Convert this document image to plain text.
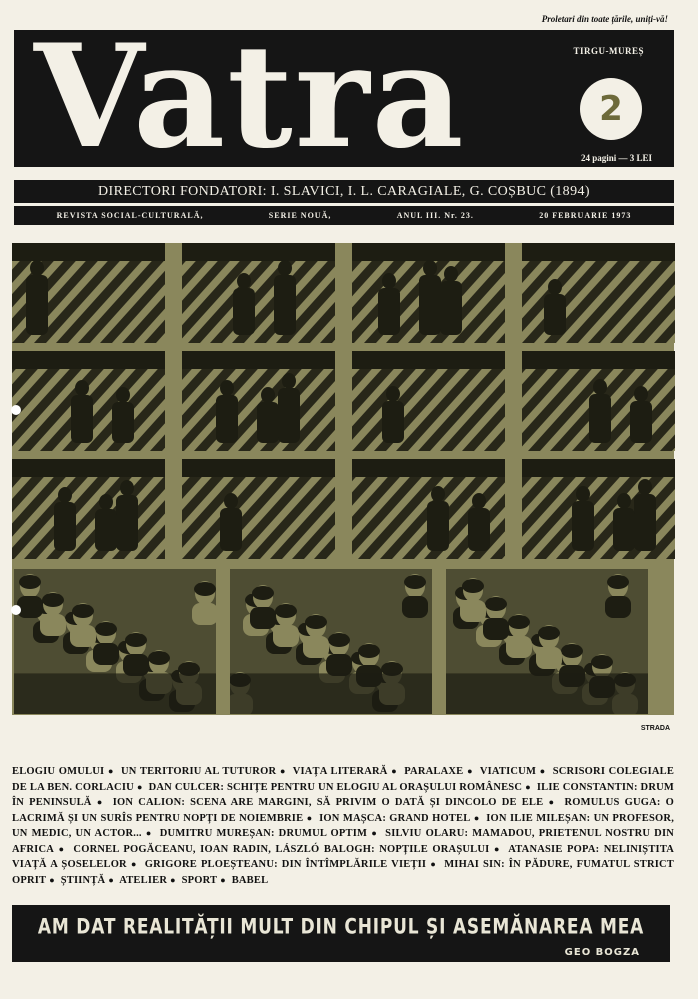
Proletari din toate țările, uniți-vă!
Vatra	TIRGU-MUREȘ
2
24 pagini — 3 LEI
DIRECTORI FONDATORI: I. SLAVICI, I. L. CARAGIALE, G. COȘBUC (1894)
REVISTA SOCIAL-CULTURALĂ,	SERIE NOUĂ,	ANUL III. Nr. 23.	20 FEBRUARIE 1973
STRADA
ELOGIU OMULUI ● UN TERITORIU AL TUTUROR ● VIAȚA LITERARĂ ● PARALAXE ● VIATICUM ● SCRISORI COLEGIALE DE LA BEN. CORLACIU ● DAN CULCER: SCHIȚE PENTRU UN ELOGIU AL ORAȘULUI ROMÂNESC ● ILIE CONSTANTIN: DRUM ÎN PENINSULĂ ● ION CALION: SCENA ARE MARGINI, SĂ PRIVIM O DATĂ ȘI DINCOLO DE ELE ● ROMULUS GUGA: O LACRIMĂ ȘI UN SURÎS PENTRU NOPȚI DE NOIEMBRIE ● ION MAȘCA: GRAND HOTEL ● ION ILIE MILEȘAN: UN PROFESOR, UN MEDIC, UN ACTOR... ● DUMITRU MUREȘAN: DRUMUL OPTIM ● SILVIU OLARU: MAMADOU, PRIETENUL NOSTRU DIN AFRICA ● CORNEL POGĂCEANU, IOAN RADIN, LÁSZLÓ BALOGH: NOPȚILE ORAȘULUI ● ATANASIE POPA: NELINIȘTITA VIAȚĂ A ȘOSELELOR ● GRIGORE PLOEȘTEANU: DIN ÎNTÎMPLĂRILE VIEȚII ● MIHAI SIN: ÎN PĂDURE, FUMATUL STRICT OPRIT ● ȘTIINȚĂ ● ATELIER ● SPORT ● BABEL
AM DAT REALITĂȚII MULT DIN CHIPUL ȘI ASEMĂNAREA MEA
GEO BOGZA
